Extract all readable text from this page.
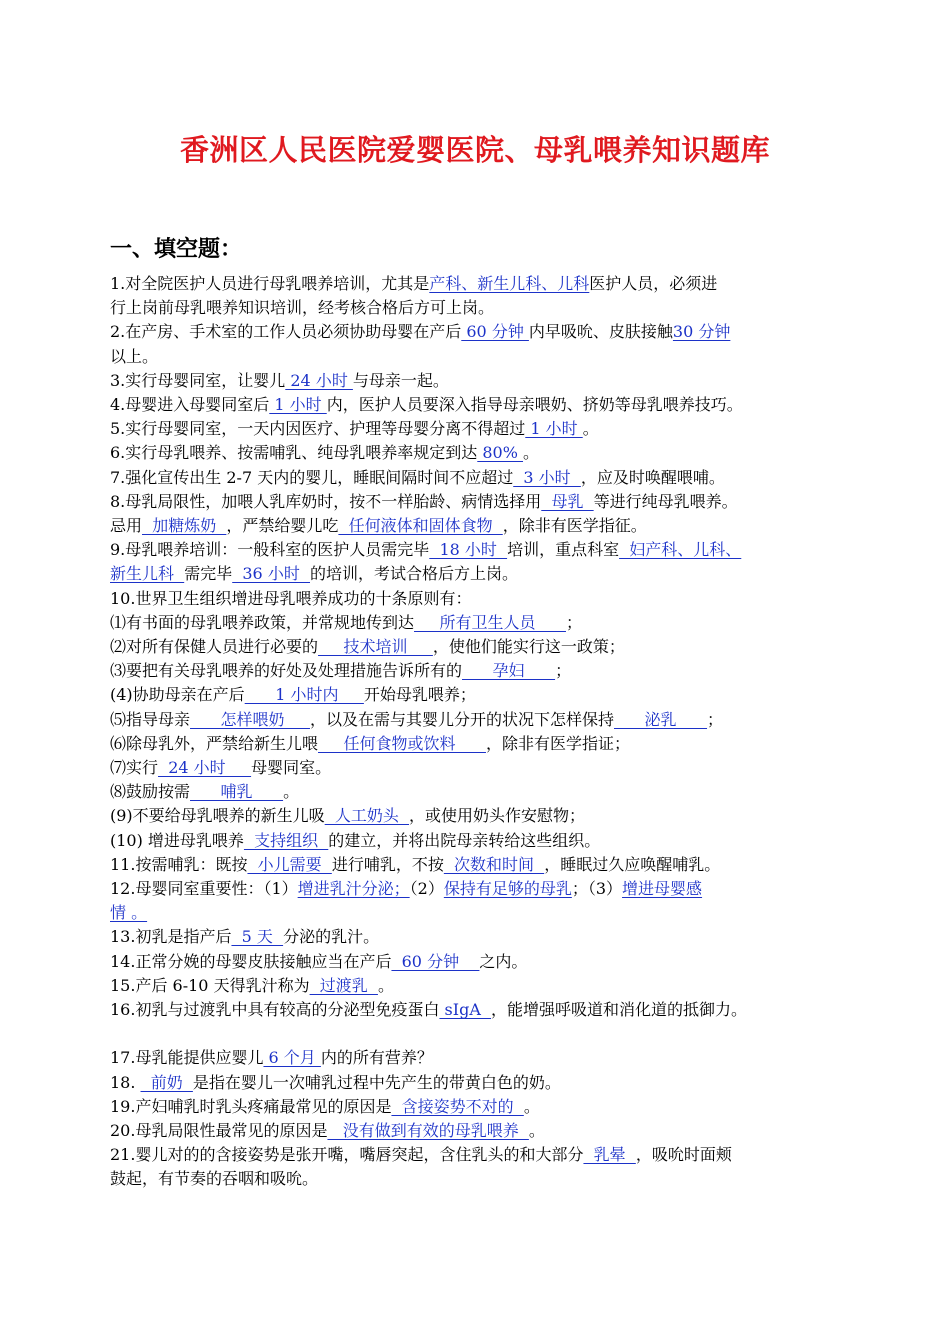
香洲区人民医院爱婴医院、母乳喂养知识题库
一、填空题：
1.对全院医护人员进行母乳喂养培训，尤其是产科、新生儿科、儿科医护人员，必须进
行上岗前母乳喂养知识培训，经考核合格后方可上岗。
2.在产房、手术室的工作人员必须协助母婴在产后 60 分钟 内早吸吮、皮肤接触30 分钟
以上。
3.实行母婴同室，让婴儿 24 小时 与母亲一起。
4.母婴进入母婴同室后 1 小时 内，医护人员要深入指导母亲喂奶、挤奶等母乳喂养技巧。
5.实行母婴同室，一天内因医疗、护理等母婴分离不得超过 1 小时 。
6.实行母乳喂养、按需哺乳、纯母乳喂养率规定到达 80% 。
7.强化宣传出生 2-7 天内的婴儿，睡眠间隔时间不应超过  3 小时  ，应及时唤醒喂哺。
8.母乳局限性，加喂人乳库奶时，按不一样胎龄、病情选择用  母乳  等进行纯母乳喂养。
忌用  加糖炼奶  ，严禁给婴儿吃  任何液体和固体食物  ，除非有医学指征。
9.母乳喂养培训：一般科室的医护人员需完毕  18 小时  培训，重点科室  妇产科、儿科、
新生儿科  需完毕  36 小时  的培训，考试合格后方上岗。
10.世界卫生组织增进母乳喂养成功的十条原则有：
⑴有书面的母乳喂养政策，并常规地传到达     所有卫生人员      ；
⑵对所有保健人员进行必要的     技术培训     ，使他们能实行这一政策；
⑶要把有关母乳喂养的好处及处理措施告诉所有的      孕妇      ；
(4)协助母亲在产后      1 小时内     开始母乳喂养；
⑸指导母亲      怎样喂奶     ，以及在需与其婴儿分开的状况下怎样保持      泌乳      ；
⑹除母乳外，严禁给新生儿喂     任何食物或饮料      ，除非有医学指证；
⑺实行  24 小时     母婴同室。
⑻鼓励按需      哺乳      。
(9)不要给母乳喂养的新生儿吸  人工奶头  ，或使用奶头作安慰物；
(10) 增进母乳喂养  支持组织  的建立，并将出院母亲转给这些组织。
11.按需哺乳：既按  小儿需要  进行哺乳，不按  次数和时间  ，睡眠过久应唤醒哺乳。
12.母婴同室重要性：（1）增进乳汁分泌；（2）保持有足够的母乳；（3）增进母婴感
情 。
13.初乳是指产后  5 天  分泌的乳汁。
14.正常分娩的母婴皮肤接触应当在产后  60 分钟    之内。
15.产后 6-10 天得乳汁称为  过渡乳  。
16.初乳与过渡乳中具有较高的分泌型免疫蛋白 sIgA  ，能增强呼吸道和消化道的抵御力。
17.母乳能提供应婴儿 6 个月 内的所有营养？
18.   前奶  是指在婴儿一次哺乳过程中先产生的带黄白色的奶。
19.产妇哺乳时乳头疼痛最常见的原因是  含接姿势不对的  。
20.母乳局限性最常见的原因是   没有做到有效的母乳喂养  。
21.婴儿对的的含接姿势是张开嘴，嘴唇突起，含住乳头的和大部分  乳晕  ，吸吮时面颊
鼓起，有节奏的吞咽和吸吮。
